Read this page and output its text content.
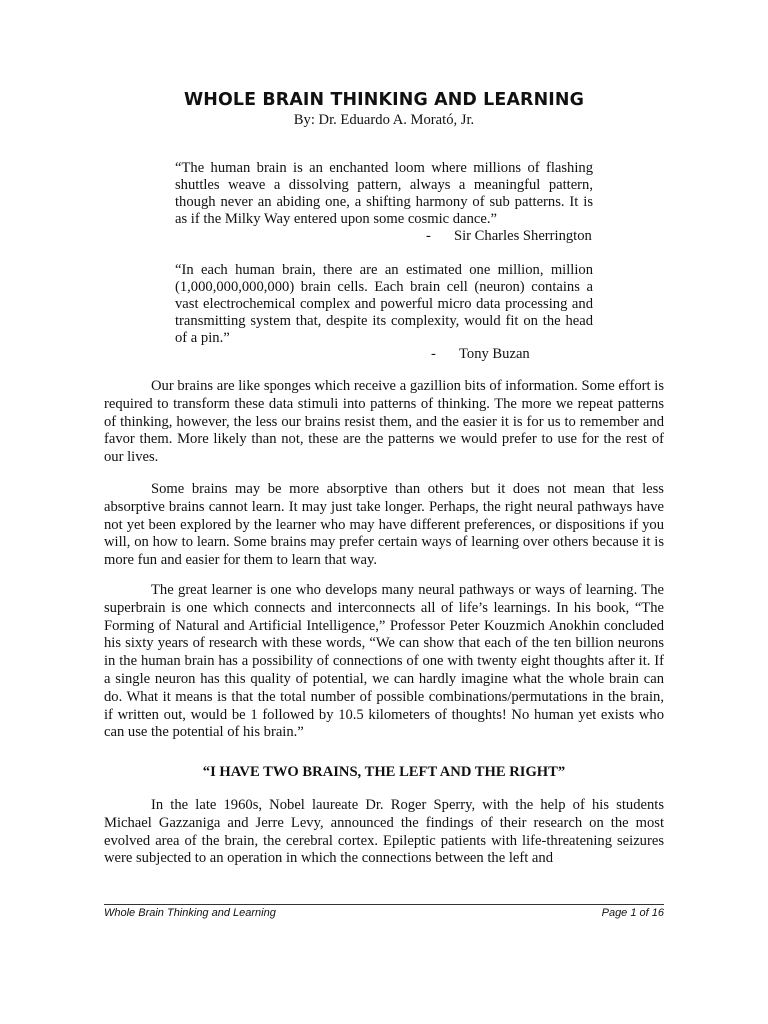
WHOLE BRAIN THINKING AND LEARNING
By: Dr. Eduardo A. Morató, Jr.
“The human brain is an enchanted loom where millions of flashing shuttles weave a dissolving pattern, always a meaningful pattern, though never an abiding one, a shifting harmony of sub patterns. It is as if the Milky Way entered upon some cosmic dance.”
- Sir Charles Sherrington
“In each human brain, there are an estimated one million, million (1,000,000,000,000) brain cells. Each brain cell (neuron) contains a vast electrochemical complex and powerful micro data processing and transmitting system that, despite its complexity, would fit on the head of a pin.”
- Tony Buzan

Our brains are like sponges which receive a gazillion bits of information. Some effort is required to transform these data stimuli into patterns of thinking. The more we repeat patterns of thinking, however, the less our brains resist them, and the easier it is for us to remember and favor them. More likely than not, these are the patterns we would prefer to use for the rest of our lives.

Some brains may be more absorptive than others but it does not mean that less absorptive brains cannot learn. It may just take longer. Perhaps, the right neural pathways have not yet been explored by the learner who may have different preferences, or dispositions if you will, on how to learn. Some brains may prefer certain ways of learning over others because it is more fun and easier for them to learn that way.

The great learner is one who develops many neural pathways or ways of learning. The superbrain is one which connects and interconnects all of life’s learnings. In his book, “The Forming of Natural and Artificial Intelligence,” Professor Peter Kouzmich Anokhin concluded his sixty years of research with these words, “We can show that each of the ten billion neurons in the human brain has a possibility of connections of one with twenty eight thoughts after it. If a single neuron has this quality of potential, we can hardly imagine what the whole brain can do. What it means is that the total number of possible combinations/permutations in the brain, if written out, would be 1 followed by 10.5 kilometers of thoughts! No human yet exists who can use the potential of his brain.”

“I HAVE TWO BRAINS, THE LEFT AND THE RIGHT”

In the late 1960s, Nobel laureate Dr. Roger Sperry, with the help of his students Michael Gazzaniga and Jerre Levy, announced the findings of their research on the most evolved area of the brain, the cerebral cortex. Epileptic patients with life-threatening seizures were subjected to an operation in which the connections between the left and

Whole Brain Thinking and Learning	Page 1 of 16
